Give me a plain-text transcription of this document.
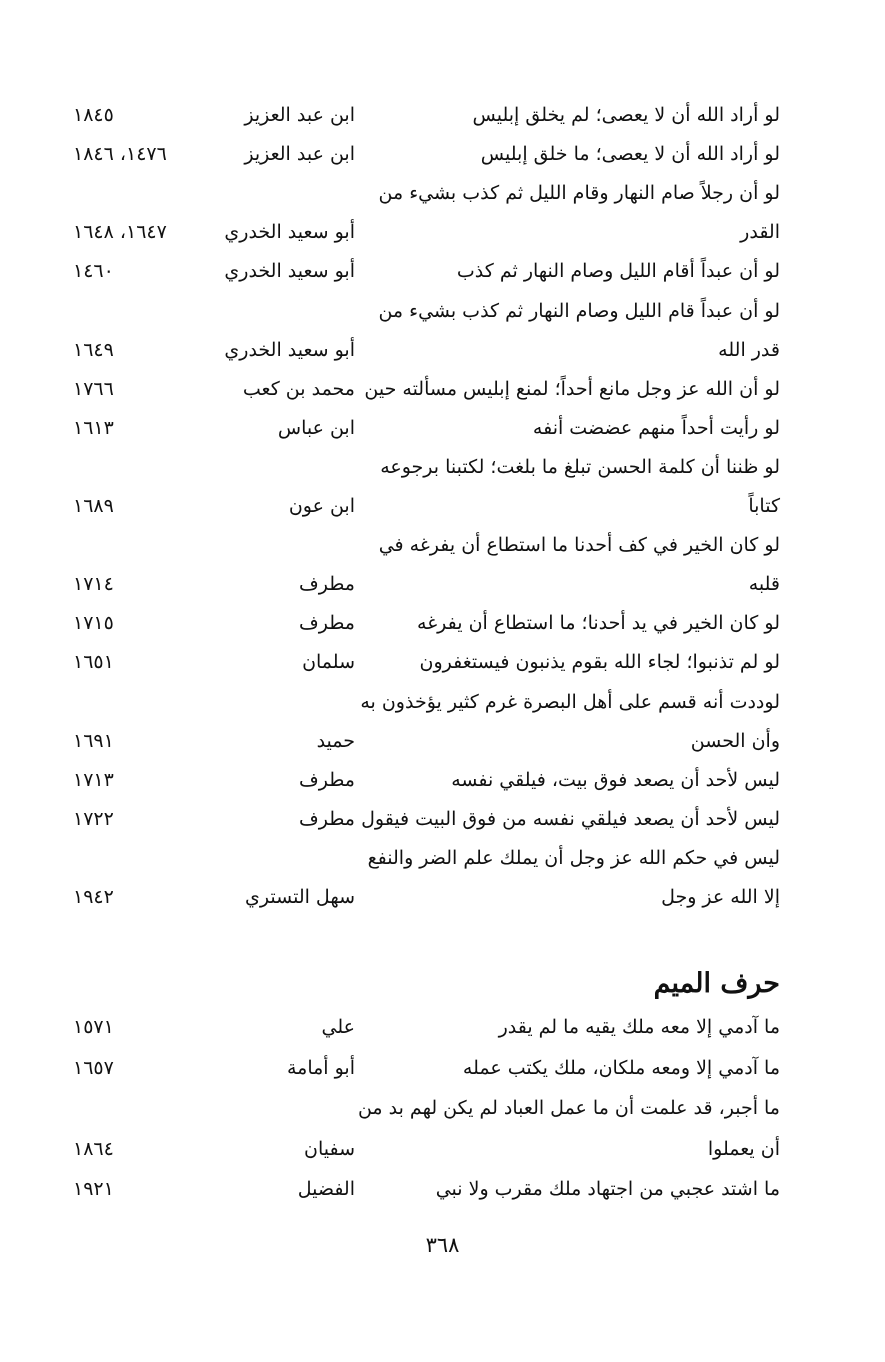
لو أراد الله أن لا يعصى؛ لم يخلق إبليس
ابن عبد العزيز
١٨٤٥
لو أراد الله أن لا يعصى؛ ما خلق إبليس
ابن عبد العزيز
١٤٧٦، ١٨٤٦
لو أن رجلاً صام النهار وقام الليل ثم كذب بشيء من
القدر
أبو سعيد الخدري
١٦٤٧، ١٦٤٨
لو أن عبداً أقام الليل وصام النهار ثم كذب
أبو سعيد الخدري
١٤٦٠
لو أن عبداً قام الليل وصام النهار ثم كذب بشيء من
قدر الله
أبو سعيد الخدري
١٦٤٩
لو أن الله عز وجل مانع أحداً؛ لمنع إبليس مسألته حين
محمد بن كعب
١٧٦٦
لو رأيت أحداً منهم عضضت أنفه
ابن عباس
١٦١٣
لو ظننا أن كلمة الحسن تبلغ ما بلغت؛ لكتبنا برجوعه
كتاباً
ابن عون
١٦٨٩
لو كان الخير في كف أحدنا ما استطاع أن يفرغه في
قلبه
مطرف
١٧١٤
لو كان الخير في يد أحدنا؛ ما استطاع أن يفرغه
مطرف
١٧١٥
لو لم تذنبوا؛ لجاء الله بقوم يذنبون فيستغفرون
سلمان
١٦٥١
لوددت أنه قسم على أهل البصرة غرم كثير يؤخذون به
وأن الحسن
حميد
١٦٩١
ليس لأحد أن يصعد فوق بيت، فيلقي نفسه
مطرف
١٧١٣
ليس لأحد أن يصعد فيلقي نفسه من فوق البيت فيقول
مطرف
١٧٢٢
ليس في حكم الله عز وجل أن يملك علم الضر والنفع
إلا الله عز وجل
سهل التستري
١٩٤٢
حرف الميم
ما آدمي إلا معه ملك يقيه ما لم يقدر
علي
١٥٧١
ما آدمي إلا ومعه ملكان، ملك يكتب عمله
أبو أمامة
١٦٥٧
ما أجبر، قد علمت أن ما عمل العباد لم يكن لهم بد من
أن يعملوا
سفيان
١٨٦٤
ما اشتد عجبي من اجتهاد ملك مقرب ولا نبي
الفضيل
١٩٢١
٣٦٨
